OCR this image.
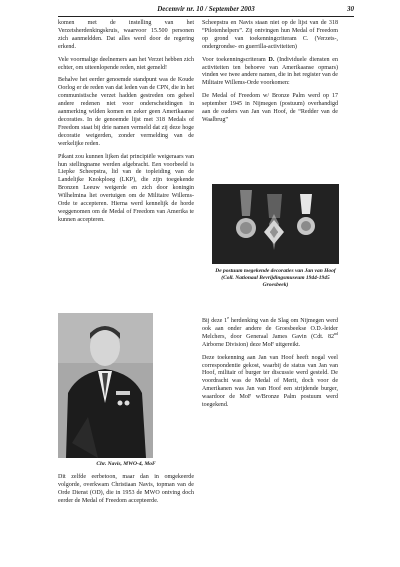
Decemvir nr. 10 / September 2003	30

komen met de instelling van het Verzetsherdenkingskruis, waarvoor 15.500 personen zich aanmeldden. Dat alles werd door de regering erkend.

Vele voormalige deelnemers aan het Verzet hebben zich echter, om uiteenlopende reden, niet gemeld!

Behalve het eerder genoemde standpunt was de Koude Oorlog er de reden van dat leden van de CPN, die in het communistische verzet hadden gestreden om geheel andere redenen niet voor onderscheidingen in aanmerking wilden komen en zeker geen Amerikaanse decoraties. In de genoemde lijst met 318 Medals of Freedom staat bij drie namen vermeld dat zij deze hoge decoratie weigerden, zonder vermelding van de werkelijke reden.

Pikant zou kunnen lijken dat principiële weigeraars van hun stellingname werden afgebracht. Een voorbeeld is Liepke Scheepstra, lid van de topleiding van de Landelijke Knokploeg (LKP), die zijn toegekende Bronzen Leeuw weigerde en zich door koningin Wilhelmina liet overtuigen om de Militaire Willems-Orde te accepteren. Hierna werd kennelijk de horde weggenomen om de Medal of Freedom van Amerika te kunnen accepteren.

Chr. Navis, MWO-4, MoF

Dit zelfde eerbetoon, maar dan in omgekeerde volgorde, overkwam Christiaan Navis, topman van de Orde Dienst (OD), die in 1953 de MWO ontving doch eerder de Medal of Freedom accepteerde.

Scheepstra en Navis staan niet op de lijst van de 318 “Pilotenhelpers”. Zij ontvingen hun Medal of Freedom op grond van toekenningcriteram C. (Verzets-, ondergrondse- en guerrilla-activiteiten)

Voor toekenningscriteram D. (Individuele diensten en activiteiten ten behoeve van Amerikaanse opmars) vinden we twee andere namen, die in het register van de Militaire Willems-Orde voorkomen:

De Medal of Freedom w/ Bronze Palm werd op 17 september 1945 in Nijmegen (postuum) overhandigd aan de ouders van Jan van Hoof, de “Redder van de Waalbrug”

De postuum toegekende decoraties van Jan van Hoof (Coll. Nationaal Bevrijdingsmuseum 1944-1945 Groesbeek)

Bij deze 1e herdenking van de Slag om Nijmegen werd ook aan onder andere de Groesbeekse O.D.-leider Melchers, door Generaal James Gavin (Cdt. 82nd Airborne Division) deze MoF uitgereikt.

Deze toekenning aan Jan van Hoof heeft nogal veel correspondentie gekost, waarbij de status van Jan van Hoof, militair of burger ter discussie werd gesteld. De voordracht was de Medal of Merit, doch voor de Amerikanen was Jan van Hoof een strijdende burger, waardoor de MoF w/Bronze Palm postuum werd toegekend.
